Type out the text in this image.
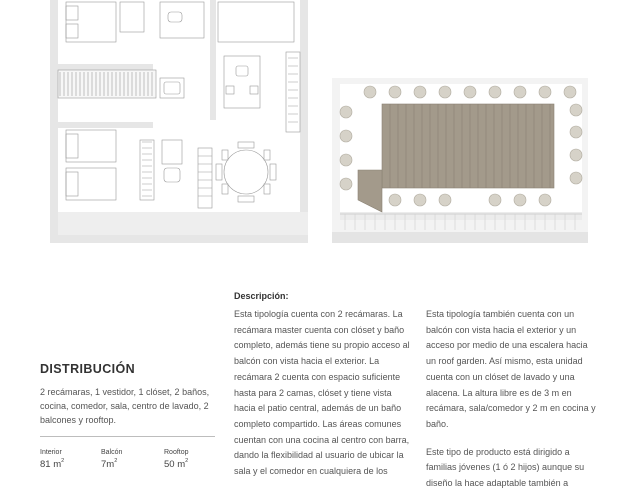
DISTRIBUCIÓN
2 recámaras, 1 vestidor, 1 clóset, 2 baños, cocina, comedor, sala, centro de lavado, 2 balcones y rooftop.
Interior
81 $m^2$
Balcón
$7m^2$
Rooftop
50 $m^2$
Descripción:

Esta tipología cuenta con 2 recámaras. La recámara master cuenta con clóset y baño completo, además tiene su propio acceso al balcón con vista hacia el exterior. La recámara 2 cuenta con espacio suficiente hasta para 2 camas, clóset y tiene vista hacia el patio central, además de un baño completo compartido. Las áreas comunes cuentan con una cocina al centro con barra, dando la flexibilidad al usuario de ubicar la sala y el comedor en cualquiera de los

Esta tipología también cuenta con un balcón con vista hacia el exterior y un acceso por medio de una escalera hacia un roof garden. Así mismo, esta unidad cuenta con un clóset de lavado y una alacena. La altura libre es de 3 m en recámara, sala/comedor y 2 m en cocina y baño.

Este tipo de producto está dirigido a familias jóvenes (1 ó 2 hijos) aunque su diseño la hace adaptable también a
